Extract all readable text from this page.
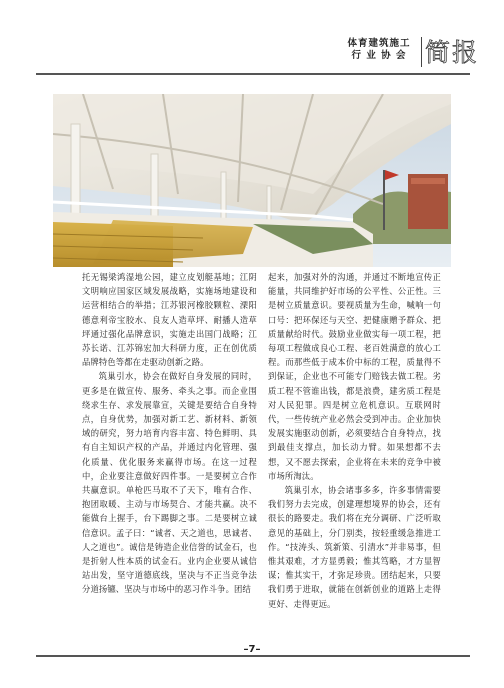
体育建筑施工
行 业 协 会 简报

托无锡梁鸿湿地公园，建立皮划艇基地；江阴文明响应国家区域发展战略，实施场地建设和运营相结合的举措；江苏银河橡胶颗粒、溧阳德意利帝宝胶水、良友人造草坪、耐播人造草坪通过强化品牌意识，实施走出国门战略；江苏长诺、江苏锦宏加大科研力度，正在创优质品牌特色等都在走驱动创新之路。

筑巢引水，协会在做好自身发展的同时，更多是在做宣传、服务、牵头之事。而企业围绕求生存、求发展靠宣，关键是要结合自身特点，自身优势，加强对新工艺、新材料、新领域的研究，努力培育内容丰富、特色鲜明、具有自主知识产权的产品，并通过内化管理、强化质量、优化服务来赢得市场。在这一过程中，企业要注意做好四件事。一是要树立合作共赢意识。单枪匹马取不了天下，唯有合作、抱团取暖、主动与市场契合、才能共赢。决不能做台上握手，台下踢脚之事。二是要树立诚信意识。孟子曰：“诚者、天之道也，思诚者、人之道也”。诚信是铸造企业信誉的试金石，也是折射人性本质的试金石。业内企业要从诚信站出发，坚守道德底线，坚决与不正当竞争法分道扬镳、坚决与市场中的恶习作斗争。团结

起来，加强对外的沟通，并通过不断地宣传正能量，共同维护好市场的公平性、公正性。三是树立质量意识。要视质量为生命，喊响一句口号：把环保还与天空、把健康赠予群众、把质量献给时代。鼓励业业做实每一项工程，把每项工程做成良心工程、老百姓满意的放心工程。而那些低于成本价中标的工程，质量得不到保证，企业也不可能专门赔钱去做工程。劣质工程不管谁出钱，都是浪费，建劣质工程是对人民犯罪。四是树立危机意识。互联网时代，一些传统产业必然会受到冲击。企业加快发展实施驱动创新，必须要结合自身特点，找到最佳支撑点，加长动力臂。如果想都不去想，又不愿去探索，企业将在未来的竞争中被市场所淘汰。

筑巢引水，协会诸事多多，许多事情需要我们努力去完成，创建理想境界的协会，还有很长的路要走。我们将在充分调研、广泛听取意见的基础上，分门别类，按轻重缓急推进工作。“技涛头、筑新策、引清水”并非易事，但惟其艰难，才方显勇毅；惟其笃略，才方显智谋；惟其实干，才弥足珍贵。团结起来，只要我们勇于进取，就能在创新创业的道路上走得更好、走得更远。

–7–
